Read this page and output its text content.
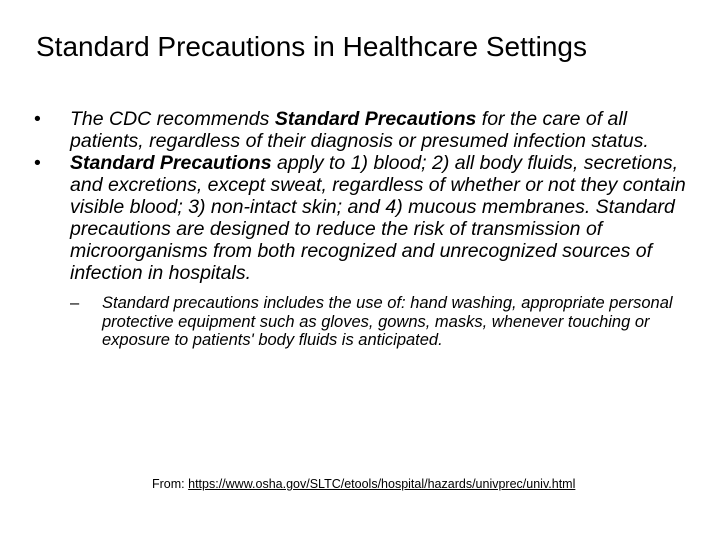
Standard Precautions in Healthcare Settings
• The CDC recommends Standard Precautions for the care of all patients, regardless of their diagnosis or presumed infection status.
• Standard Precautions apply to 1) blood; 2) all body fluids, secretions, and excretions, except sweat, regardless of whether or not they contain visible blood; 3) non-intact skin; and 4) mucous membranes. Standard precautions are designed to reduce the risk of transmission of microorganisms from both recognized and unrecognized sources of infection in hospitals.
– Standard precautions includes the use of: hand washing, appropriate personal protective equipment such as gloves, gowns, masks, whenever touching or exposure to patients' body fluids is anticipated.
From: https://www.osha.gov/SLTC/etools/hospital/hazards/univprec/univ.html
